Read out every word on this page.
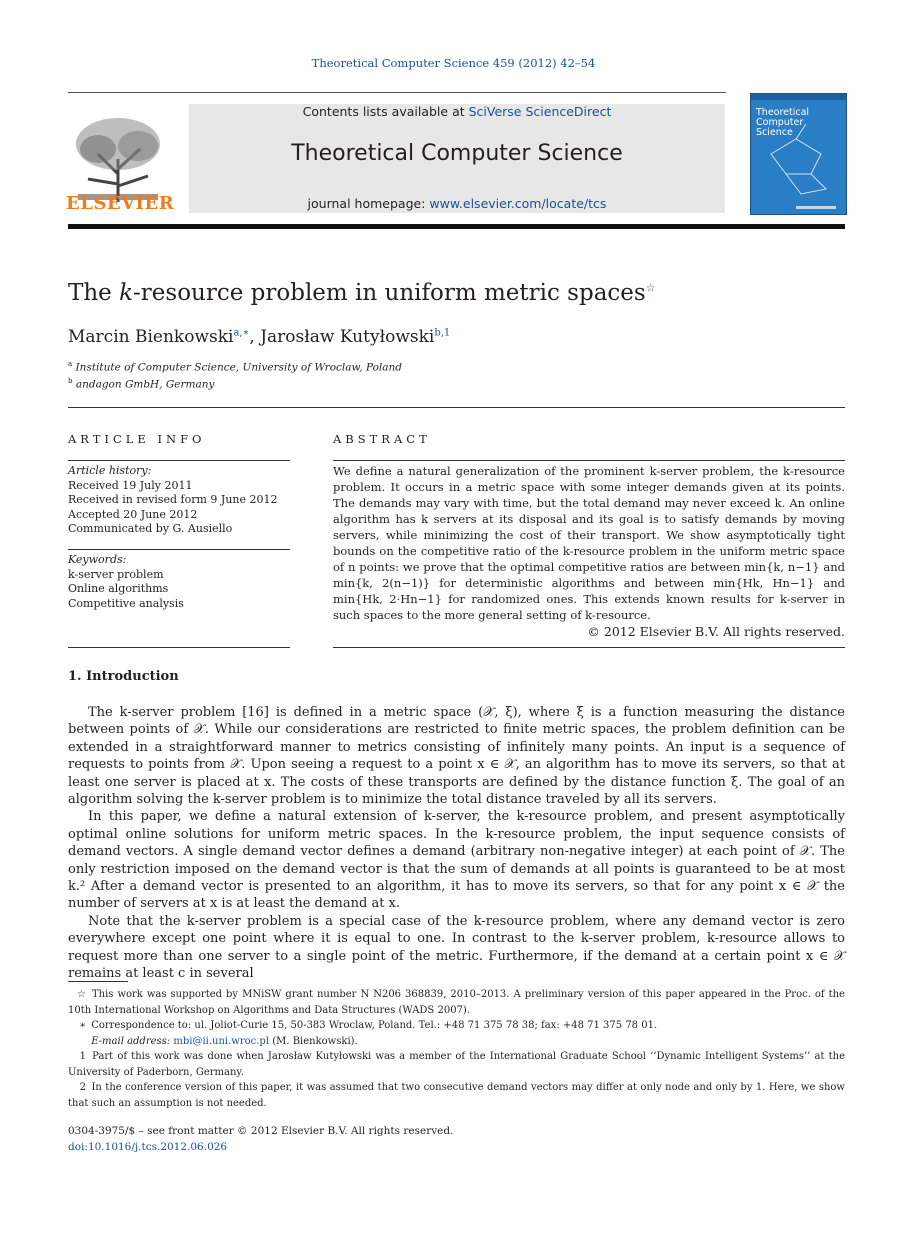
Theoretical Computer Science 459 (2012) 42–54
ELSEVIER
Contents lists available at SciVerse ScienceDirect
Theoretical Computer Science
journal homepage: www.elsevier.com/locate/tcs
Theoretical Computer Science
The k-resource problem in uniform metric spaces☆
Marcin Bienkowski$^{a,∗}$, Jarosław Kutyłowski$^{b,1}$
$^a$ Institute of Computer Science, University of Wroclaw, Poland
$^b$ andagon GmbH, Germany
ARTICLE INFO
Article history:
Received 19 July 2011
Received in revised form 9 June 2012
Accepted 20 June 2012
Communicated by G. Ausiello
Keywords:
k-server problem
Online algorithms
Competitive analysis
ABSTRACT
We define a natural generalization of the prominent k-server problem, the k-resource problem. It occurs in a metric space with some integer demands given at its points. The demands may vary with time, but the total demand may never exceed k. An online algorithm has k servers at its disposal and its goal is to satisfy demands by moving servers, while minimizing the cost of their transport. We show asymptotically tight bounds on the competitive ratio of the k-resource problem in the uniform metric space of n points: we prove that the optimal competitive ratios are between min{k, n−1} and min{k, 2(n−1)} for deterministic algorithms and between min{Hk, Hn−1} and min{Hk, 2·Hn−1} for randomized ones. This extends known results for k-server in such spaces to the more general setting of k-resource.
© 2012 Elsevier B.V. All rights reserved.
1. Introduction

The k-server problem [16] is defined in a metric space (𝒳, ξ), where ξ is a function measuring the distance between points of 𝒳. While our considerations are restricted to finite metric spaces, the problem definition can be extended in a straightforward manner to metrics consisting of infinitely many points. An input is a sequence of requests to points from 𝒳. Upon seeing a request to a point x ∈ 𝒳, an algorithm has to move its servers, so that at least one server is placed at x. The costs of these transports are defined by the distance function ξ. The goal of an algorithm solving the k-server problem is to minimize the total distance traveled by all its servers.

In this paper, we define a natural extension of k-server, the k-resource problem, and present asymptotically optimal online solutions for uniform metric spaces. In the k-resource problem, the input sequence consists of demand vectors. A single demand vector defines a demand (arbitrary non-negative integer) at each point of 𝒳. The only restriction imposed on the demand vector is that the sum of demands at all points is guaranteed to be at most k.² After a demand vector is presented to an algorithm, it has to move its servers, so that for any point x ∈ 𝒳 the number of servers at x is at least the demand at x.

Note that the k-server problem is a special case of the k-resource problem, where any demand vector is zero everywhere except one point where it is equal to one. In contrast to the k-server problem, k-resource allows to request more than one server to a single point of the metric. Furthermore, if the demand at a certain point x ∈ 𝒳 remains at least c in several

☆ This work was supported by MNiSW grant number N N206 368839, 2010–2013. A preliminary version of this paper appeared in the Proc. of the 10th International Workshop on Algorithms and Data Structures (WADS 2007).

∗ Correspondence to: ul. Joliot-Curie 15, 50-383 Wroclaw, Poland. Tel.: +48 71 375 78 38; fax: +48 71 375 78 01.

E-mail address: mbi@ii.uni.wroc.pl (M. Bienkowski).

1 Part of this work was done when Jarosław Kutyłowski was a member of the International Graduate School ‘‘Dynamic Intelligent Systems’’ at the University of Paderborn, Germany.

2 In the conference version of this paper, it was assumed that two consecutive demand vectors may differ at only node and only by 1. Here, we show that such an assumption is not needed.

0304-3975/$ – see front matter © 2012 Elsevier B.V. All rights reserved.
doi:10.1016/j.tcs.2012.06.026
